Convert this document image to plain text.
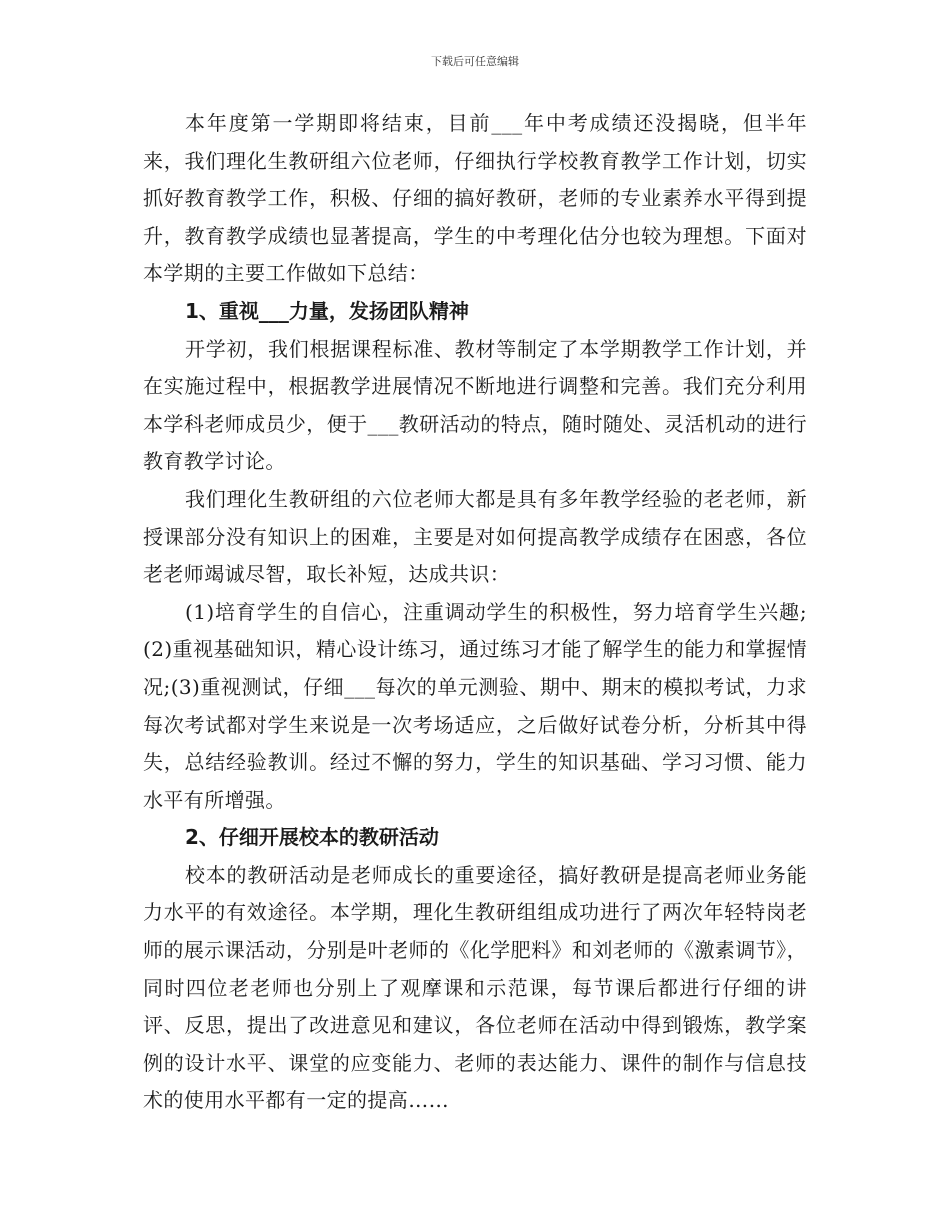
下载后可任意编辑

本年度第一学期即将结束，目前___年中考成绩还没揭晓，但半年来，我们理化生教研组六位老师，仔细执行学校教育教学工作计划，切实抓好教育教学工作，积极、仔细的搞好教研，老师的专业素养水平得到提升，教育教学成绩也显著提高，学生的中考理化估分也较为理想。下面对本学期的主要工作做如下总结：

1、重视___力量，发扬团队精神

开学初，我们根据课程标准、教材等制定了本学期教学工作计划，并在实施过程中，根据教学进展情况不断地进行调整和完善。我们充分利用本学科老师成员少，便于___教研活动的特点，随时随处、灵活机动的进行教育教学讨论。

我们理化生教研组的六位老师大都是具有多年教学经验的老老师，新授课部分没有知识上的困难，主要是对如何提高教学成绩存在困惑，各位老老师竭诚尽智，取长补短，达成共识：

(1)培育学生的自信心，注重调动学生的积极性，努力培育学生兴趣;(2)重视基础知识，精心设计练习，通过练习才能了解学生的能力和掌握情况;(3)重视测试，仔细___每次的单元测验、期中、期末的模拟考试，力求每次考试都对学生来说是一次考场适应，之后做好试卷分析，分析其中得失，总结经验教训。经过不懈的努力，学生的知识基础、学习习惯、能力水平有所增强。

2、仔细开展校本的教研活动

校本的教研活动是老师成长的重要途径，搞好教研是提高老师业务能力水平的有效途径。本学期，理化生教研组组成功进行了两次年轻特岗老师的展示课活动，分别是叶老师的《化学肥料》和刘老师的《激素调节》，同时四位老老师也分别上了观摩课和示范课，每节课后都进行仔细的讲评、反思，提出了改进意见和建议，各位老师在活动中得到锻炼，教学案例的设计水平、课堂的应变能力、老师的表达能力、课件的制作与信息技术的使用水平都有一定的提高……
